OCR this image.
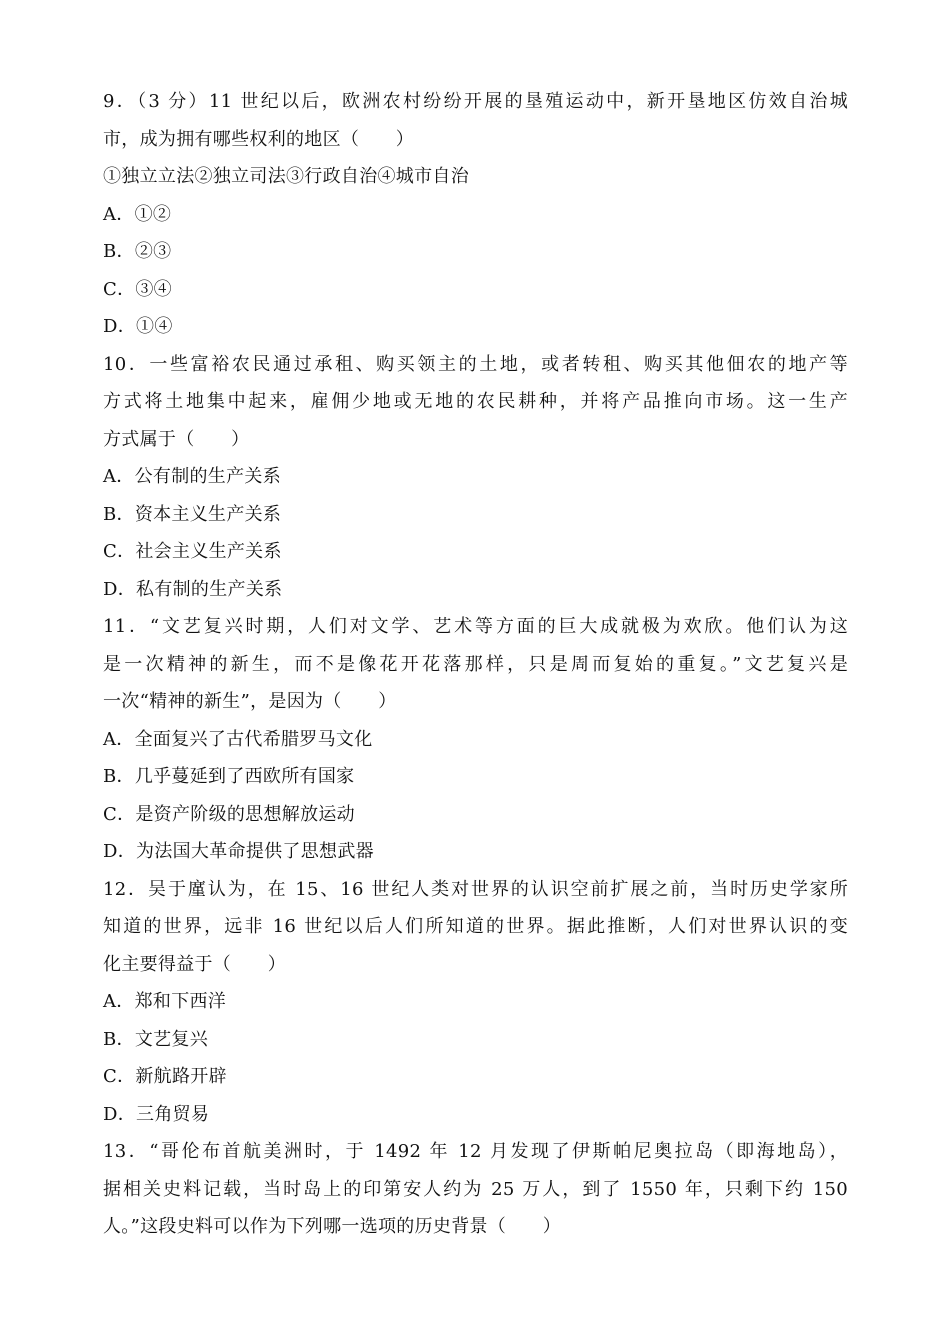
9．（3 分）11 世纪以后，欧洲农村纷纷开展的垦殖运动中，新开垦地区仿效自治城
市，成为拥有哪些权利的地区（　　）
①独立立法②独立司法③行政自治④城市自治
A．①②
B．②③
C．③④
D．①④
10．一些富裕农民通过承租、购买领主的土地，或者转租、购买其他佃农的地产等
方式将土地集中起来，雇佣少地或无地的农民耕种，并将产品推向市场。这一生产
方式属于（　　）
A．公有制的生产关系
B．资本主义生产关系
C．社会主义生产关系
D．私有制的生产关系
11．“文艺复兴时期，人们对文学、艺术等方面的巨大成就极为欢欣。他们认为这
是一次精神的新生，而不是像花开花落那样，只是周而复始的重复。”文艺复兴是
一次“精神的新生”，是因为（　　）
A．全面复兴了古代希腊罗马文化
B．几乎蔓延到了西欧所有国家
C．是资产阶级的思想解放运动
D．为法国大革命提供了思想武器
12．吴于廑认为，在 15、16 世纪人类对世界的认识空前扩展之前，当时历史学家所
知道的世界，远非 16 世纪以后人们所知道的世界。据此推断，人们对世界认识的变
化主要得益于（　　）
A．郑和下西洋
B．文艺复兴
C．新航路开辟
D．三角贸易
13．“哥伦布首航美洲时，于 1492 年 12 月发现了伊斯帕尼奥拉岛（即海地岛），
据相关史料记载，当时岛上的印第安人约为 25 万人，到了 1550 年，只剩下约 150
人。”这段史料可以作为下列哪一选项的历史背景（　　）
